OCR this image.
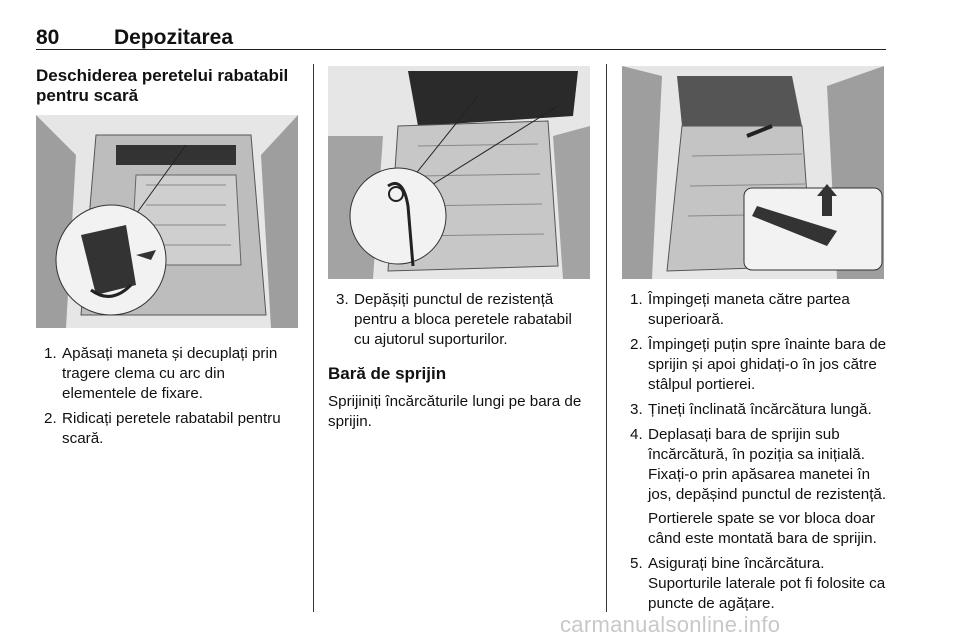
80	Depozitarea
Deschiderea peretelui rabatabil pentru scară
1. Apăsați maneta și decuplați prin tragere clema cu arc din elementele de fixare.
2. Ridicați peretele rabatabil pentru scară.
3. Depășiți punctul de rezistență pentru a bloca peretele rabatabil cu ajutorul suporturilor.
Bară de sprijin
Sprijiniți încărcăturile lungi pe bara de sprijin.
1. Împingeți maneta către partea superioară.
2. Împingeți puțin spre înainte bara de sprijin și apoi ghidați-o în jos către stâlpul portierei.
3. Țineți înclinată încărcătura lungă.
4. Deplasați bara de sprijin sub încărcătură, în poziția sa inițială. Fixați-o prin apăsarea manetei în jos, depășind punctul de rezistență.
Portierele spate se vor bloca doar când este montată bara de sprijin.
5. Asigurați bine încărcătura. Suporturile laterale pot fi folosite ca puncte de agățare.
carmanualsonline.info
